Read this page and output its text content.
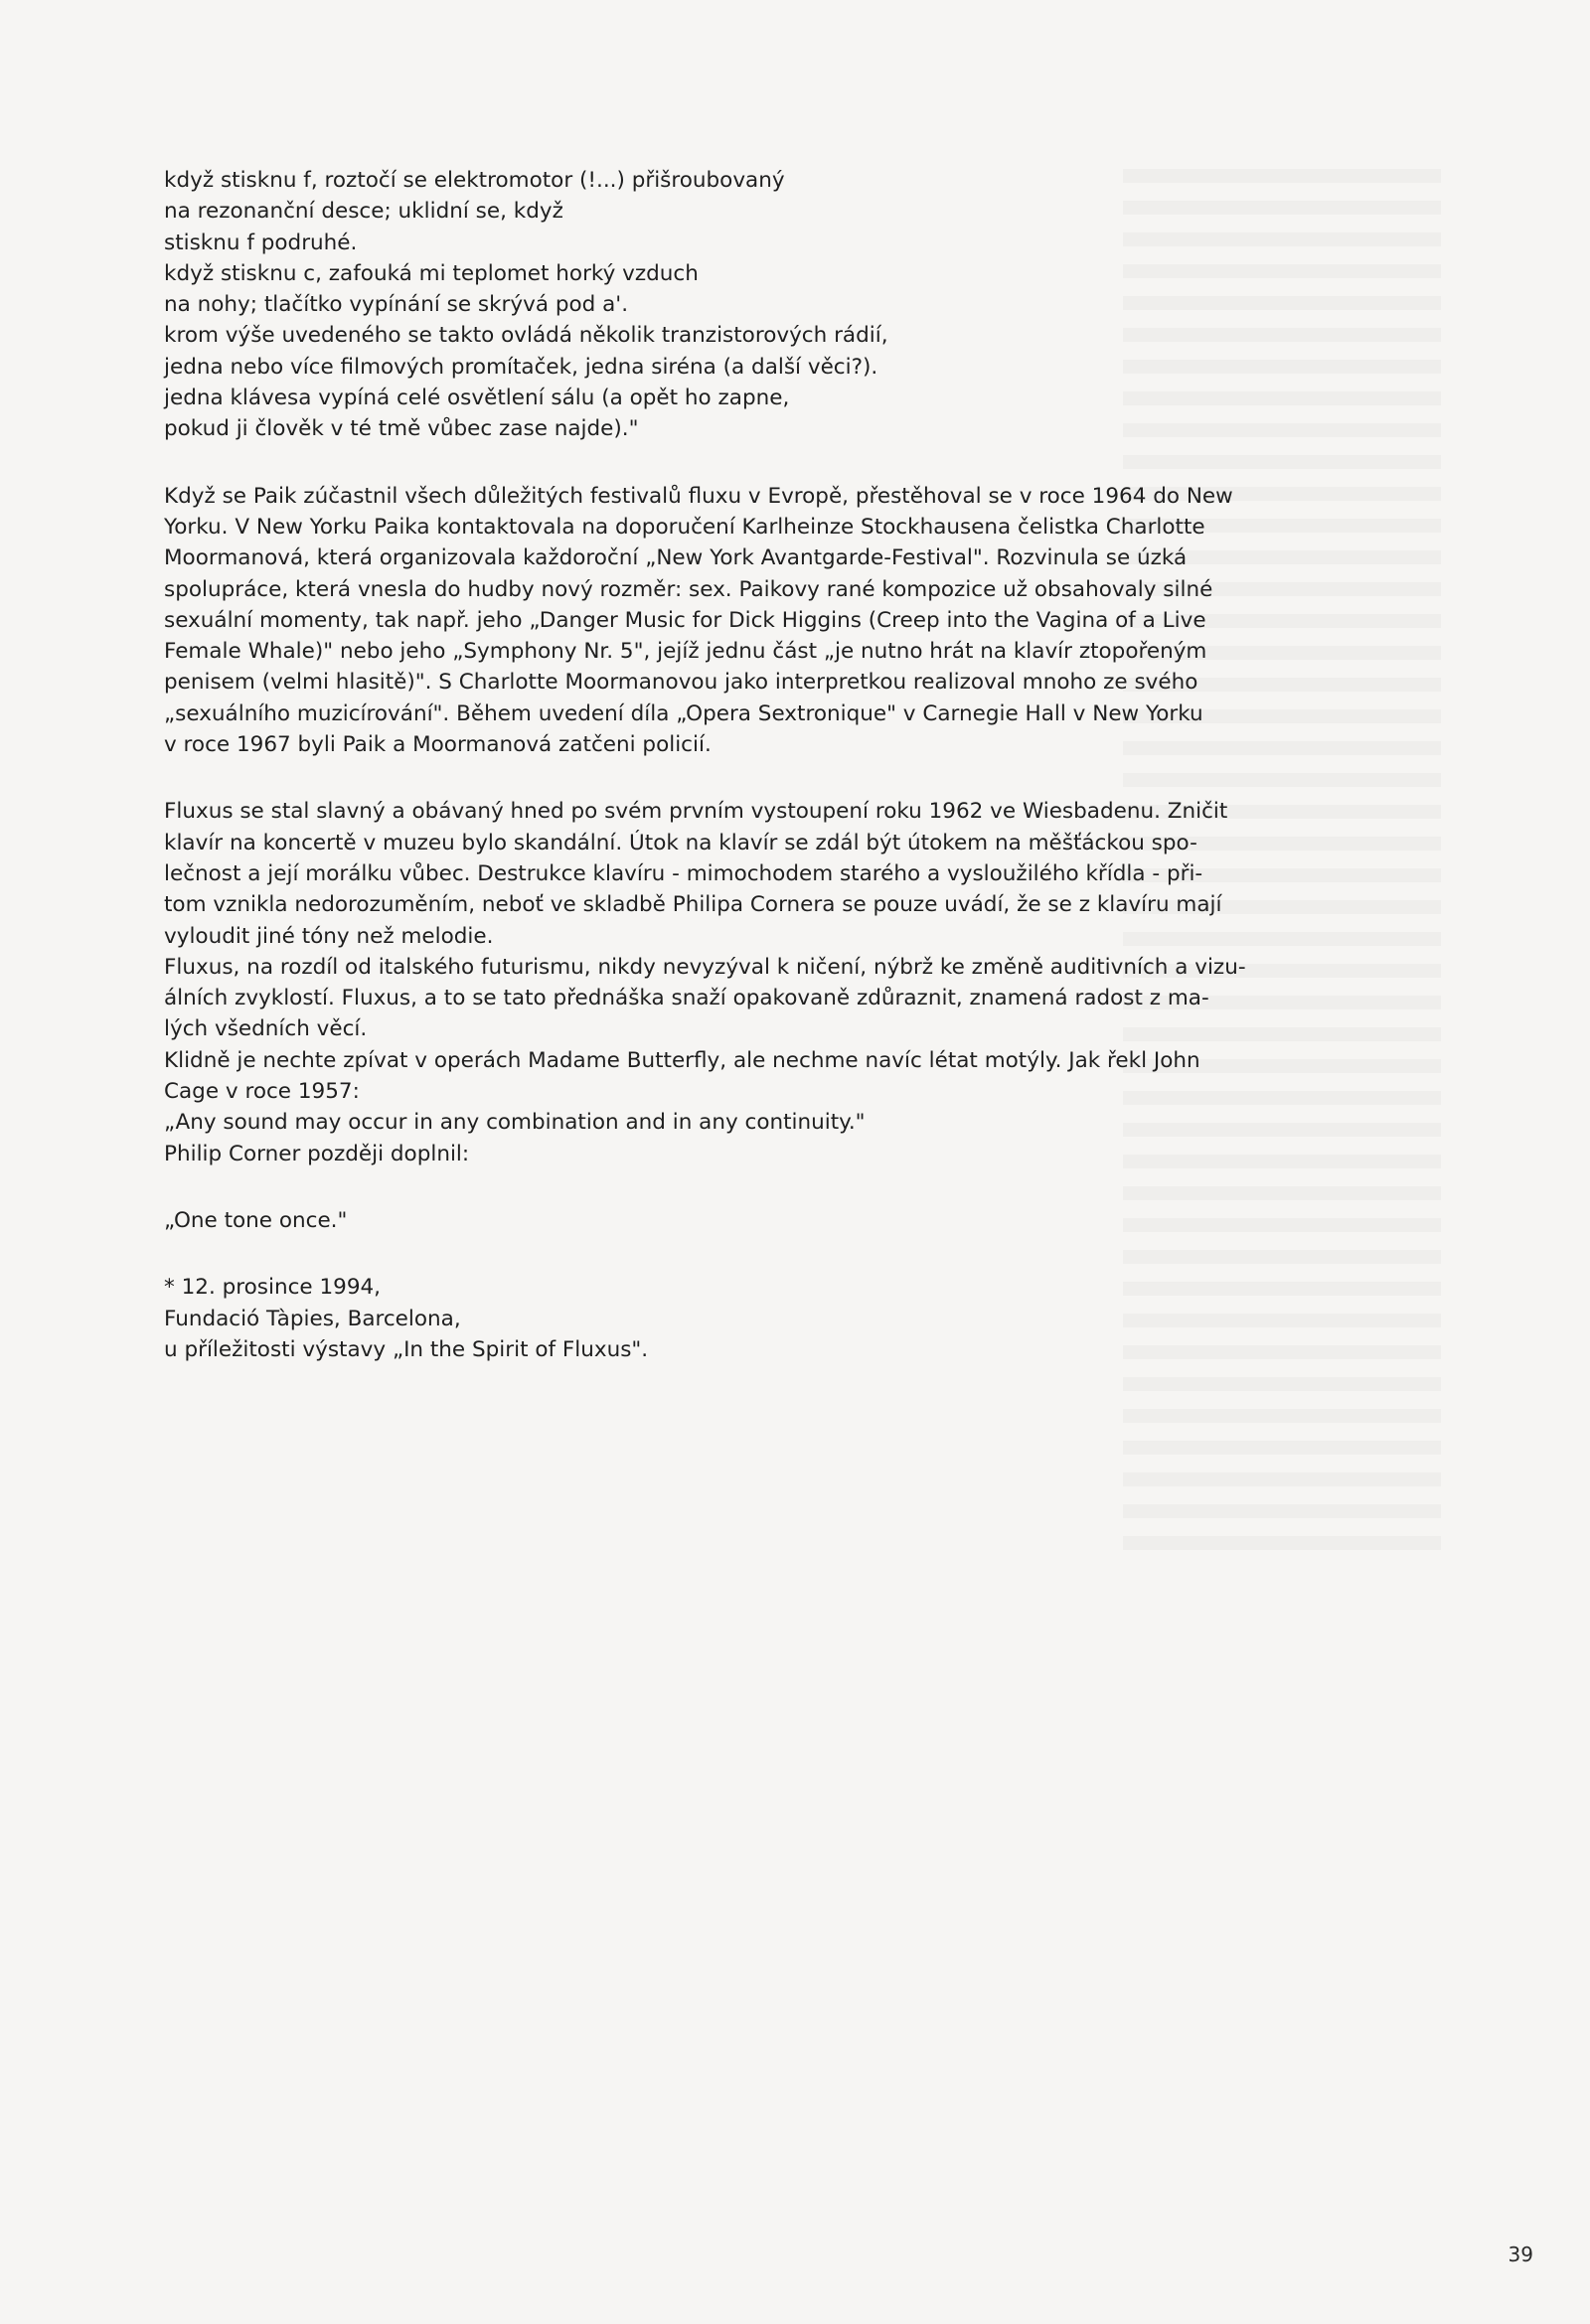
když stisknu f, roztočí se elektromotor (!...) přišroubovaný
na rezonanční desce; uklidní se, když
stisknu f podruhé.
když stisknu c, zafouká mi teplomet horký vzduch
na nohy; tlačítko vypínání se skrývá pod a'.
krom výše uvedeného se takto ovládá několik tranzistorových rádií,
jedna nebo více filmových promítaček, jedna siréna (a další věci?).
jedna klávesa vypíná celé osvětlení sálu (a opět ho zapne,
pokud ji člověk v té tmě vůbec zase najde)."

Když se Paik zúčastnil všech důležitých festivalů fluxu v Evropě, přestěhoval se v roce 1964 do New
Yorku. V New Yorku Paika kontaktovala na doporučení Karlheinze Stockhausena čelistka Charlotte
Moormanová, která organizovala každoroční „New York Avantgarde-Festival". Rozvinula se úzká
spolupráce, která vnesla do hudby nový rozměr: sex. Paikovy rané kompozice už obsahovaly silné
sexuální momenty, tak např. jeho „Danger Music for Dick Higgins (Creep into the Vagina of a Live
Female Whale)" nebo jeho „Symphony Nr. 5", jejíž jednu část „je nutno hrát na klavír ztopořeným
penisem (velmi hlasitě)". S Charlotte Moormanovou jako interpretkou realizoval mnoho ze svého
„sexuálního muzicírování". Během uvedení díla „Opera Sextronique" v Carnegie Hall v New Yorku
v roce 1967 byli Paik a Moormanová zatčeni policií.

Fluxus se stal slavný a obávaný hned po svém prvním vystoupení roku 1962 ve Wiesbadenu. Zničit
klavír na koncertě v muzeu bylo skandální. Útok na klavír se zdál být útokem na měšťáckou spo-
lečnost a její morálku vůbec. Destrukce klavíru - mimochodem starého a vysloužilého křídla - při-
tom vznikla nedorozuměním, neboť ve skladbě Philipa Cornera se pouze uvádí, že se z klavíru mají
vyloudit jiné tóny než melodie.
Fluxus, na rozdíl od italského futurismu, nikdy nevyzýval k ničení, nýbrž ke změně auditivních a vizu-
álních zvyklostí. Fluxus, a to se tato přednáška snaží opakovaně zdůraznit, znamená radost z ma-
lých všedních věcí.
Klidně je nechte zpívat v operách Madame Butterfly, ale nechme navíc létat motýly. Jak řekl John
Cage v roce 1957:
„Any sound may occur in any combination and in any continuity."
Philip Corner později doplnil:

„One tone once."

* 12. prosince 1994,
Fundació Tàpies, Barcelona,
u příležitosti výstavy „In the Spirit of Fluxus".

39
